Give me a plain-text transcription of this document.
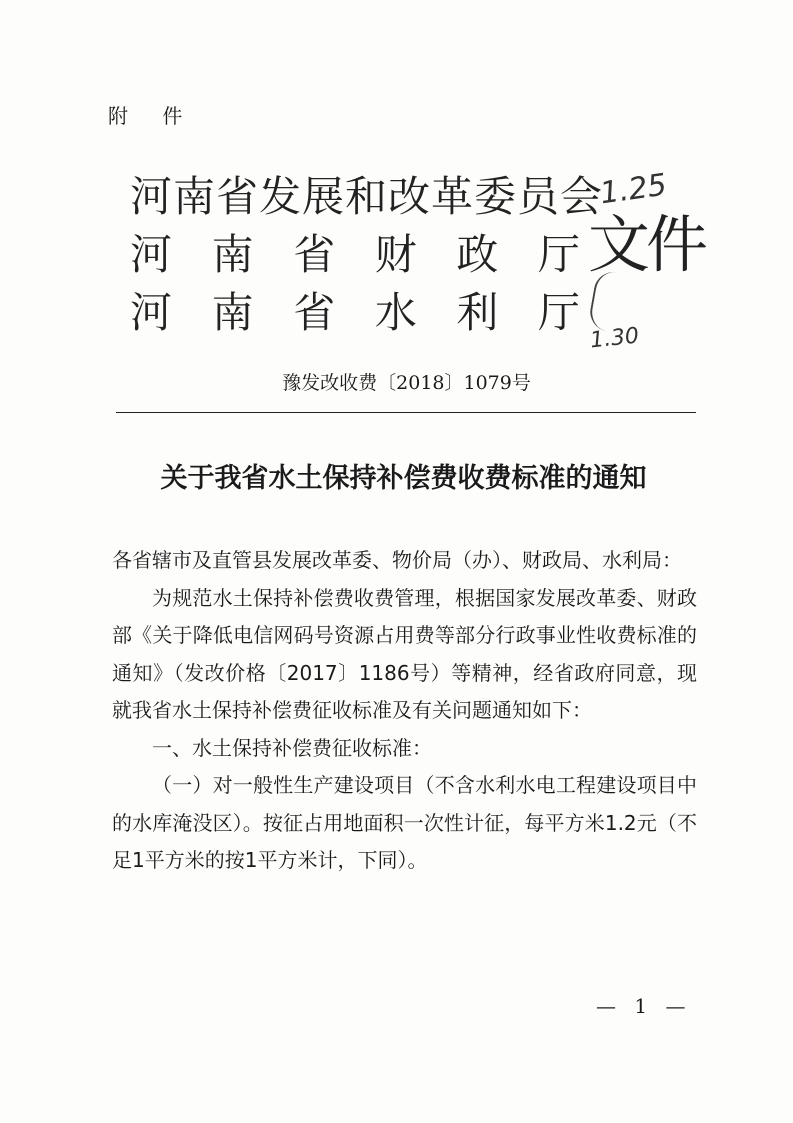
附 件
河南省发展和改革委员会
河 南 省 财 政 厅
河 南 省 水 利 厅
文件
1.25
1.30
豫发改收费〔2018〕1079号
关于我省水土保持补偿费收费标准的通知

各省辖市及直管县发展改革委、物价局（办）、财政局、水利局：

为规范水土保持补偿费收费管理，根据国家发展改革委、财政部《关于降低电信网码号资源占用费等部分行政事业性收费标准的通知》（发改价格〔2017〕1186号）等精神，经省政府同意，现就我省水土保持补偿费征收标准及有关问题通知如下：

一、水土保持补偿费征收标准：

（一）对一般性生产建设项目（不含水利水电工程建设项目中的水库淹没区）。按征占用地面积一次性计征，每平方米1.2元（不足1平方米的按1平方米计，下同）。

— 1 —
